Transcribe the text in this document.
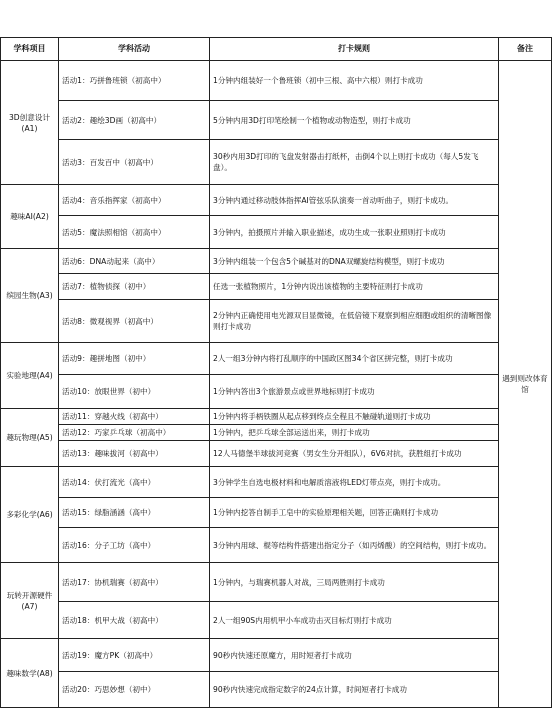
学科项目	学科活动	打卡规则	备注
3D创意设计(A1)	活动1：巧拼鲁班锁（初高中）	1分钟内组装好一个鲁班锁（初中三根、高中六根）则打卡成功	遇到则改体育馆
	活动2：趣绘3D画（初高中）	5分钟内用3D打印笔绘制一个植物或动物造型，则打卡成功	
	活动3：百发百中（初高中）	30秒内用3D打印的飞盘发射器击打纸杯，击倒4个以上则打卡成功（每人5发飞盘）。	
趣味AI(A2)	活动4：音乐指挥家（初高中）	3分钟内通过移动肢体指挥AI管弦乐队演奏一首动听曲子，则打卡成功。	
	活动5：魔法照相馆（初高中）	3分钟内，拍摄照片并输入职业描述，成功生成一张职业照则打卡成功	
缤园生物(A3)	活动6：DNA动起来（高中）	3分钟内组装一个包含5个碱基对的DNA双螺旋结构模型，则打卡成功	
	活动7：植物侦探（初中）	任选一张植物照片，1分钟内说出该植物的主要特征则打卡成功	
	活动8：微观视界（初高中）	2分钟内正确使用电光源双目显微镜，在低倍镜下观察到相应细胞或组织的清晰图像则打卡成功	
实验地理(A4)	活动9：趣拼地图（初中）	2人一组3分钟内将打乱顺序的中国政区图34个省区拼完整，则打卡成功	
	活动10：放眼世界（初中）	1分钟内答出3个旅游景点或世界地标则打卡成功	
趣玩物理(A5)	活动11：穿越火线（初高中）	1分钟内将手柄铁圈从起点移到终点全程且不触碰轨道则打卡成功	
	活动12：巧家乒乓球（初高中）	1分钟内，把乒乓球全部运送出来，则打卡成功	
	活动13：趣味拔河（初高中）	12人马德堡半球拔河竞赛（男女生分开组队），6V6对抗，获胜组打卡成功	
多彩化学(A6)	活动14：伏打流光（高中）	3分钟学生自选电极材料和电解质溶液将LED灯带点亮，则打卡成功。	
	活动15：绿脂涵涵（高中）	1分钟内挖答自制手工皂中的实验原理相关题，回答正确则打卡成功	
	活动16：分子工坊（高中）	3分钟内用球、棍等结构件搭建出指定分子（如丙烯酸）的空间结构，则打卡成功。	
玩转开源硬件(A7)	活动17：协机瑞赛（初高中）	1分钟内，与瑞赛机器人对战，三局两胜则打卡成功	
	活动18：机甲大战（初高中）	2人一组90S内用机甲小车成功击灭目标灯则打卡成功	
趣味数学(A8)	活动19：魔方PK（初高中）	90秒内快速还原魔方，用时短者打卡成功	
	活动20：巧思妙想（初中）	90秒内快速完成指定数字的24点计算，时间短者打卡成功	
